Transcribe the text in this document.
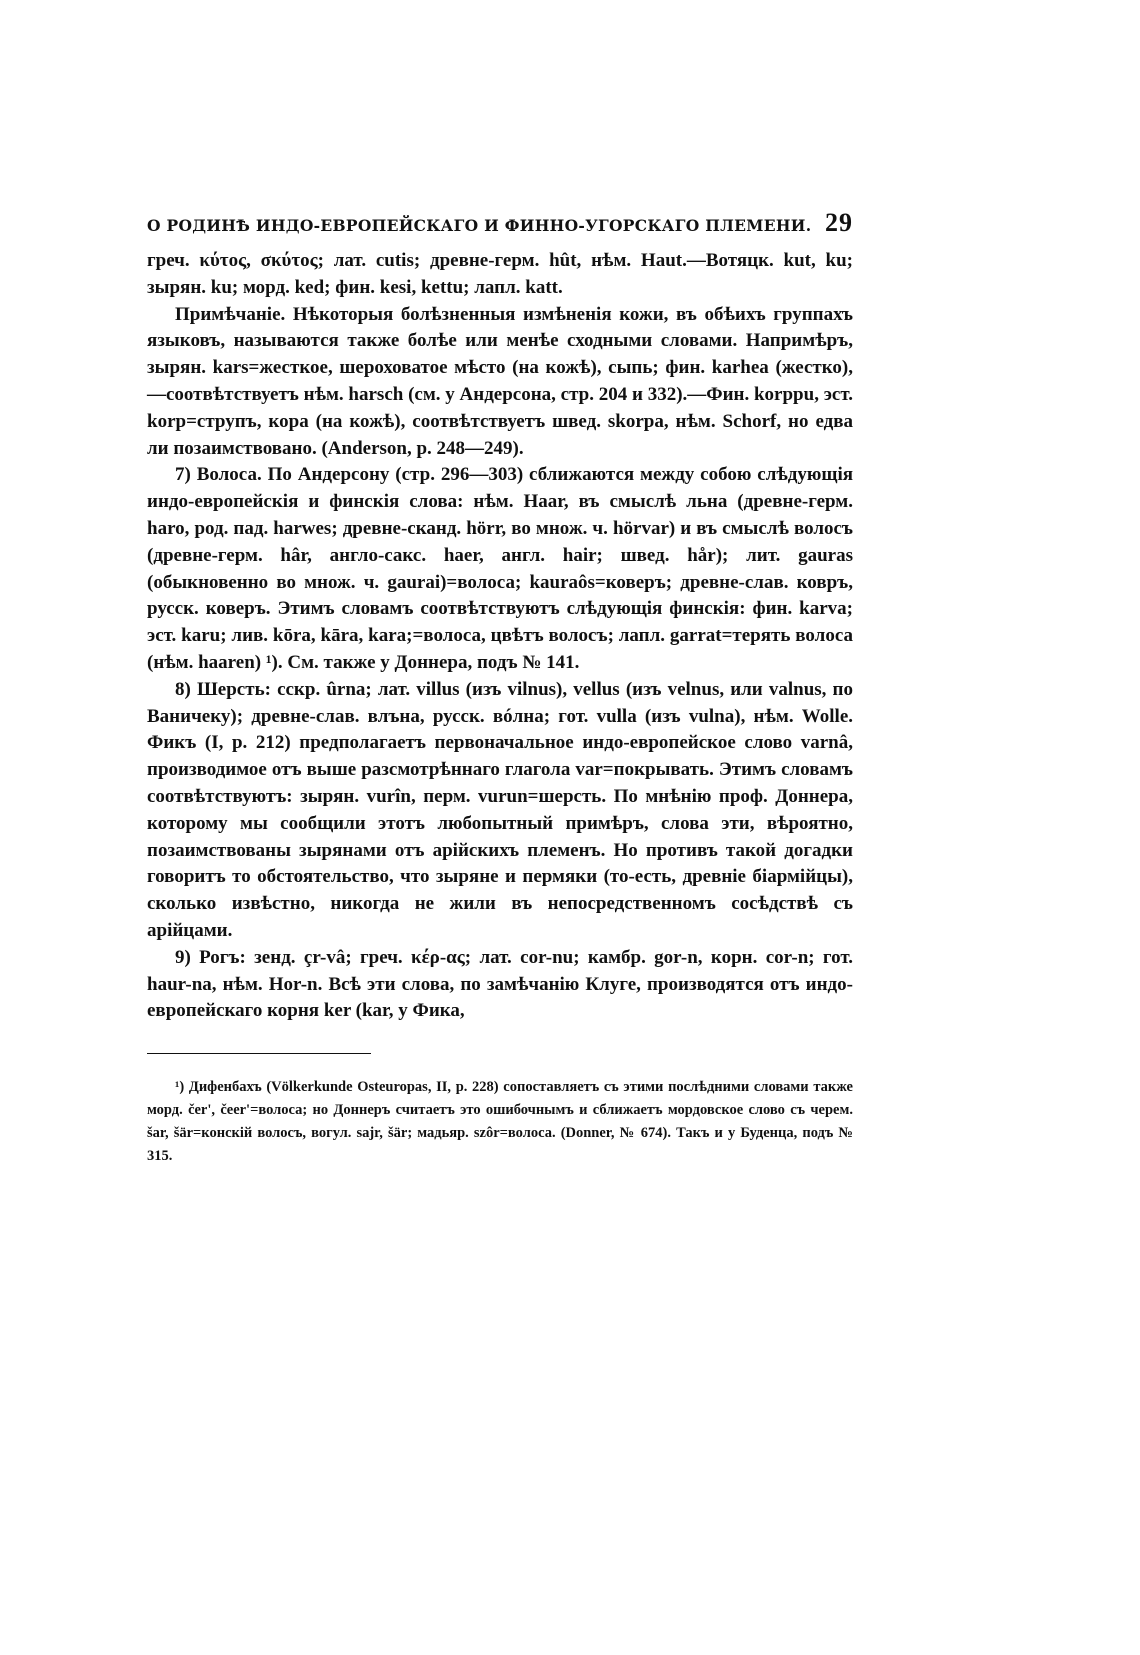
О РОДИНѢ ИНДО-ЕВРОПЕЙСКАГО И ФИННО-УГОРСКАГО ПЛЕМЕНИ. 29

греч. κύτος, σκύτος; лат. cutis; древне-герм. hût, нѣм. Haut.—Вотяцк. kut, ku; зырян. ku; морд. ked; фин. kesi, kettu; лапл. katt.

Примѣчаніе. Нѣкоторыя болѣзненныя измѣненія кожи, въ обѣихъ группахъ языковъ, называются также болѣе или менѣе сходными словами. Напримѣръ, зырян. kars=жесткое, шероховатое мѣсто (на кожѣ), сыпь; фин. karhea (жестко),—соотвѣтствуетъ нѣм. harsch (см. у Андерсона, стр. 204 и 332).—Фин. korppu, эст. korp=струпъ, кора (на кожѣ), соотвѣтствуетъ швед. skorpa, нѣм. Schorf, но едва ли позаимствовано. (Anderson, p. 248—249).

7) Волоса. По Андерсону (стр. 296—303) сближаются между собою слѣдующія индо-европейскія и финскія слова: нѣм. Haar, въ смыслѣ льна (древне-герм. haro, род. пад. harwes; древне-сканд. hörr, во множ. ч. hörvar) и въ смыслѣ волосъ (древне-герм. hâr, англо-сакс. haer, англ. hair; швед. hår); лит. gauras (обыкновенно во множ. ч. gauraі)=волоса; kauraôs=коверъ; древне-слав. ковръ, русск. коверъ. Этимъ словамъ соотвѣтствуютъ слѣдующія финскія: фин. karva; эст. karu; лив. kōra, kāra, kara;=волоса, цвѣтъ волосъ; лапл. garrat=терять волоса (нѣм. haaren) ¹). См. также у Доннера, подъ № 141.

8) Шерсть: сскр. ûrna; лат. villus (изъ vilnus), vellus (изъ velnus, или valnus, по Ваничеку); древне-слав. влъна, русск. вóлна; гот. vulla (изъ vulna), нѣм. Wolle. Фикъ (I, p. 212) предполагаетъ первоначальное индо-европейское слово varnâ, производимое отъ выше разсмотрѣннаго глагола var=покрывать. Этимъ словамъ соотвѣтствуютъ: зырян. vurîn, перм. vurun=шерсть. По мнѣнію проф. Доннера, которому мы сообщили этотъ любопытный примѣръ, слова эти, вѣроятно, позаимствованы зырянами отъ арійскихъ племенъ. Но противъ такой догадки говоритъ то обстоятельство, что зыряне и пермяки (то-есть, древніе біармійцы), сколько извѣстно, никогда не жили въ непосредственномъ сосѣдствѣ съ арійцами.

9) Рогъ: зенд. çr-vâ; греч. κέρ-ας; лат. cor-nu; камбр. gor-n, корн. cor-n; гот. haur-na, нѣм. Hor-n. Всѣ эти слова, по замѣчанію Клуге, производятся отъ индо-европейскаго корня ker (kar, у Фика,

¹) Дифенбахъ (Völkerkunde Osteuropas, II, p. 228) сопоставляетъ съ этими послѣдними словами также морд. čer', čeer'=волоса; но Доннеръ считаетъ это ошибочнымъ и сближаетъ мордовское слово съ черем. šar, šär=конскій волосъ, вогул. sajr, šär; мадьяр. szôr=волоса. (Donner, № 674). Такъ и у Буденца, подъ № 315.
